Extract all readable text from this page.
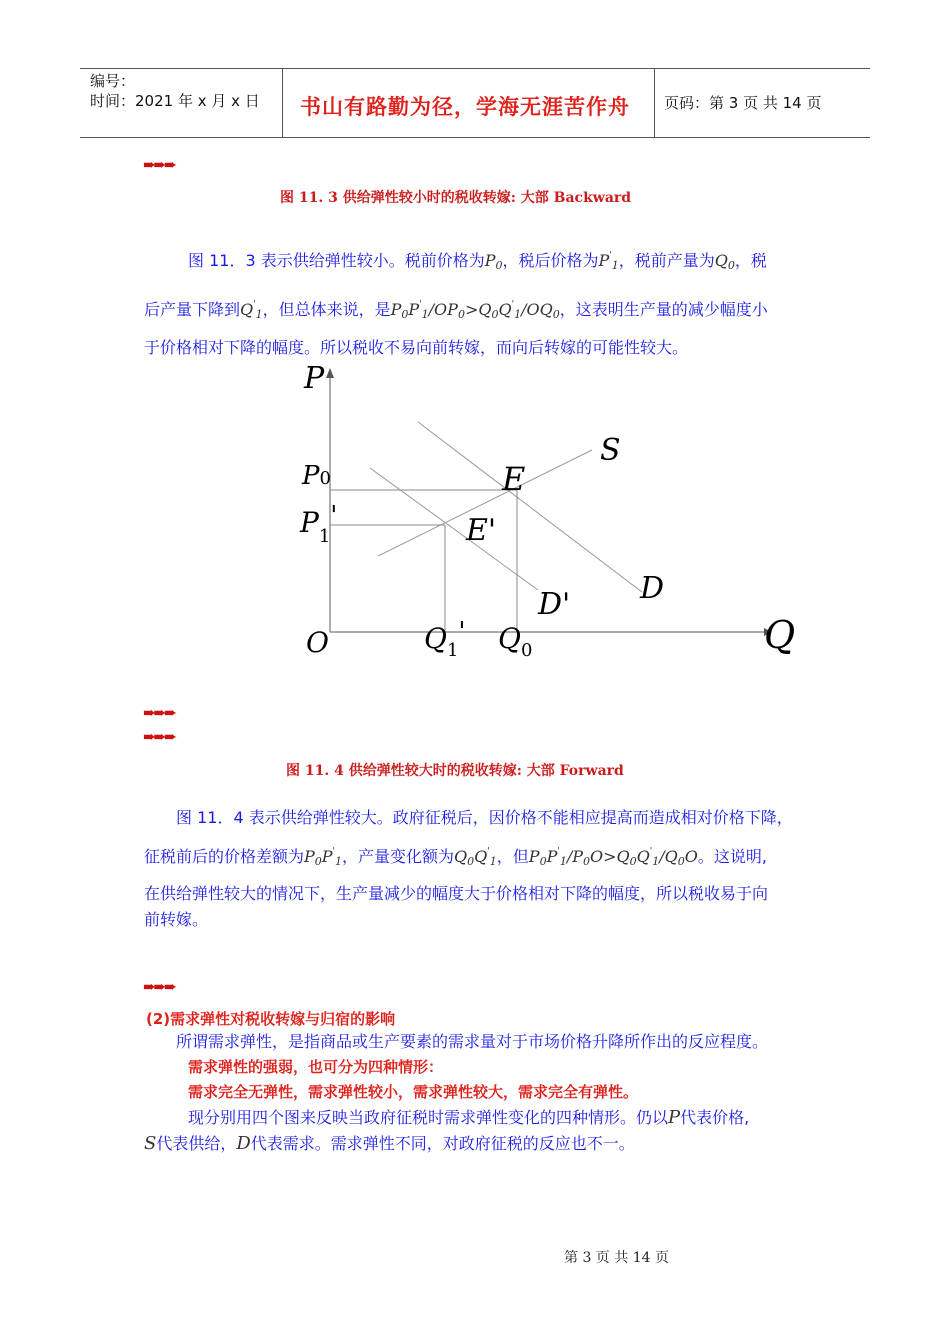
编号：
时间：2021 年 x 月 x 日 书山有路勤为径，学海无涯苦作舟 页码：第 3 页 共 14 页
➨➨➨
图 11. 3 供给弹性较小时的税收转嫁: 大部 Backward
图 11．3 表示供给弹性较小。税前价格为$P_0$，税后价格为$P'_1$，税前产量为$Q_0$，税
后产量下降到$Q'_1$，但总体来说，是$P_0P'_1/OP_0>Q_0Q'_1/OQ_0$，这表明生产量的减少幅度小
于价格相对下降的幅度。所以税收不易向前转嫁，而向后转嫁的可能性较大。
P
Q
O
P0
$P_1'$
$Q_1'$ $Q_0$
S
E
E'
D
D'
➨➨➨
➨➨➨
图 11. 4 供给弹性较大时的税收转嫁: 大部 Forward
图 11．4 表示供给弹性较大。政府征税后，因价格不能相应提高而造成相对价格下降，
征税前后的价格差额为$P_0P'_1$，产量变化额为$Q_0Q'_1$，但$P_0P'_1/P_0O>Q_0Q'_1/Q_0O$。这说明,
在供给弹性较大的情况下，生产量减少的幅度大于价格相对下降的幅度，所以税收易于向
前转嫁。
➨➨➨
(2)需求弹性对税收转嫁与归宿的影响
所谓需求弹性，是指商品或生产要素的需求量对于市场价格升降所作出的反应程度。
需求弹性的强弱，也可分为四种情形：
需求完全无弹性，需求弹性较小，需求弹性较大，需求完全有弹性。
现分别用四个图来反映当政府征税时需求弹性变化的四种情形。仍以P代表价格,
S代表供给，D代表需求。需求弹性不同，对政府征税的反应也不一。
第 3 页 共 14 页
